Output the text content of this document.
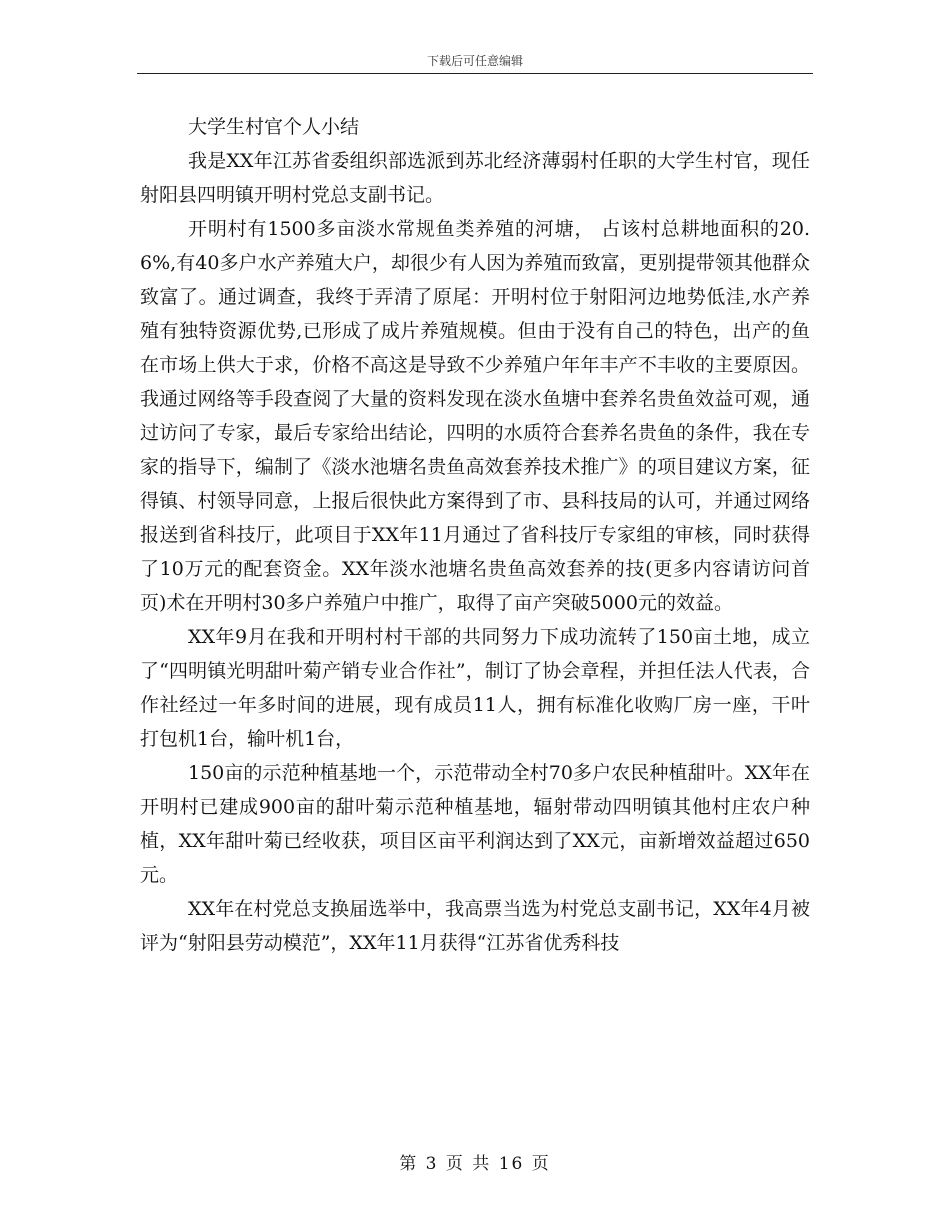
下载后可任意编辑

大学生村官个人小结

我是XX年江苏省委组织部选派到苏北经济薄弱村任职的大学生村官，现任射阳县四明镇开明村党总支副书记。

开明村有1500多亩淡水常规鱼类养殖的河塘， 占该村总耕地面积的20.6%,有40多户水产养殖大户，却很少有人因为养殖而致富，更别提带领其他群众致富了。通过调查，我终于弄清了原尾：开明村位于射阳河边地势低洼,水产养殖有独特资源优势,已形成了成片养殖规模。但由于没有自己的特色，出产的鱼在市场上供大于求，价格不高这是导致不少养殖户年年丰产不丰收的主要原因。我通过网络等手段查阅了大量的资料发现在淡水鱼塘中套养名贵鱼效益可观，通过访问了专家，最后专家给出结论，四明的水质符合套养名贵鱼的条件，我在专家的指导下，编制了《淡水池塘名贵鱼高效套养技术推广》的项目建议方案，征得镇、村领导同意，上报后很快此方案得到了市、县科技局的认可，并通过网络报送到省科技厅，此项目于XX年11月通过了省科技厅专家组的审核，同时获得了10万元的配套资金。XX年淡水池塘名贵鱼高效套养的技(更多内容请访问首页)术在开明村30多户养殖户中推广，取得了亩产突破5000元的效益。

XX年9月在我和开明村村干部的共同努力下成功流转了150亩土地，成立了“四明镇光明甜叶菊产销专业合作社”，制订了协会章程，并担任法人代表，合作社经过一年多时间的进展，现有成员11人，拥有标准化收购厂房一座，干叶打包机1台，输叶机1台，

150亩的示范种植基地一个，示范带动全村70多户农民种植甜叶。XX年在开明村已建成900亩的甜叶菊示范种植基地，辐射带动四明镇其他村庄农户种植，XX年甜叶菊已经收获，项目区亩平利润达到了XX元，亩新增效益超过650元。

XX年在村党总支换届选举中，我高票当选为村党总支副书记，XX年4月被评为“射阳县劳动模范”，XX年11月获得“江苏省优秀科技

第 3 页 共 16 页
